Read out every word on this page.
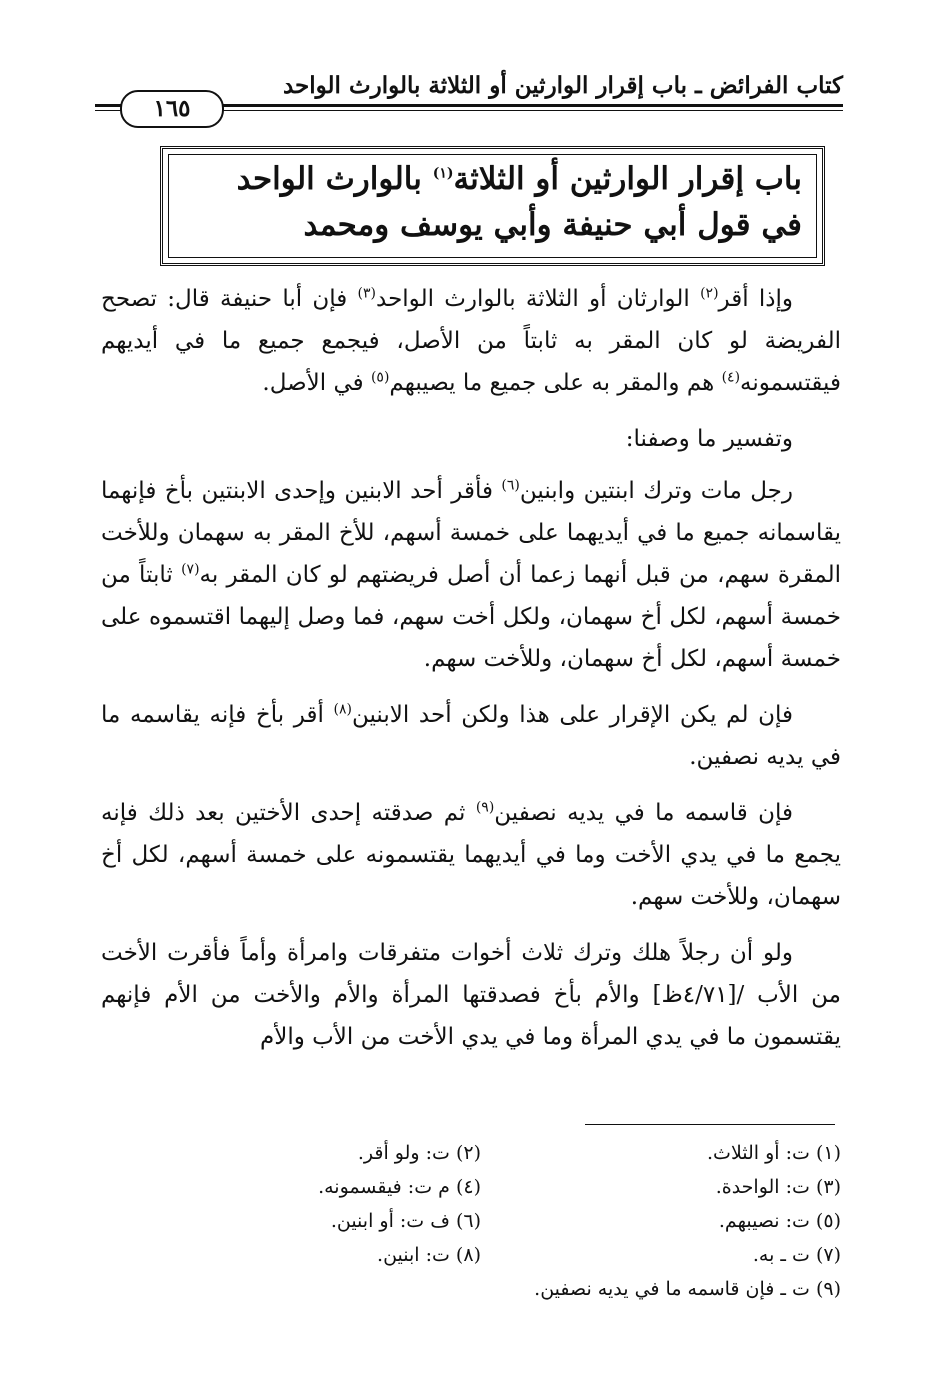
كتاب الفرائض ـ باب إقرار الوارثين أو الثلاثة بالوارث الواحد
١٦٥
باب إقرار الوارثين أو الثلاثة$^{(١)}$ بالوارث الواحد
في قول أبي حنيفة وأبي يوسف ومحمد

وإذا أقر$^{(٢)}$ الوارثان أو الثلاثة بالوارث الواحد$^{(٣)}$ فإن أبا حنيفة قال: تصحح الفريضة لو كان المقر به ثابتاً من الأصل، فيجمع جميع ما في أيديهم فيقتسمونه$^{(٤)}$ هم والمقر به على جميع ما يصيبهم$^{(٥)}$ في الأصل.

وتفسير ما وصفنا:

رجل مات وترك ابنتين وابنين$^{(٦)}$ فأقر أحد الابنين وإحدى الابنتين بأخ فإنهما يقاسمانه جميع ما في أيديهما على خمسة أسهم، للأخ المقر به سهمان وللأخت المقرة سهم، من قبل أنهما زعما أن أصل فريضتهم لو كان المقر به$^{(٧)}$ ثابتاً من خمسة أسهم، لكل أخ سهمان، ولكل أخت سهم، فما وصل إليهما اقتسموه على خمسة أسهم، لكل أخ سهمان، وللأخت سهم.

فإن لم يكن الإقرار على هذا ولكن أحد الابنين$^{(٨)}$ أقر بأخ فإنه يقاسمه ما في يديه نصفين.

فإن قاسمه ما في يديه نصفين$^{(٩)}$ ثم صدقته إحدى الأختين بعد ذلك فإنه يجمع ما في يدي الأخت وما في أيديهما يقتسمونه على خمسة أسهم، لكل أخ سهمان، وللأخت سهم.

ولو أن رجلاً هلك وترك ثلاث أخوات متفرقات وامرأة وأماً فأقرت الأخت من الأب /[٤/٧١ظ] والأم بأخ فصدقتها المرأة والأم والأخت من الأم فإنهم يقتسمون ما في يدي المرأة وما في يدي الأخت من الأب والأم

(١) ت: أو الثلاث.
(٢) ت: ولو أقر.
(٣) ت: الواحدة.
(٤) م ت: فيقسمونه.
(٥) ت: نصيبهم.
(٦) ف ت: أو ابنين.
(٧) ت ـ به.
(٨) ت: ابنين.
(٩) ت ـ فإن قاسمه ما في يديه نصفين.
